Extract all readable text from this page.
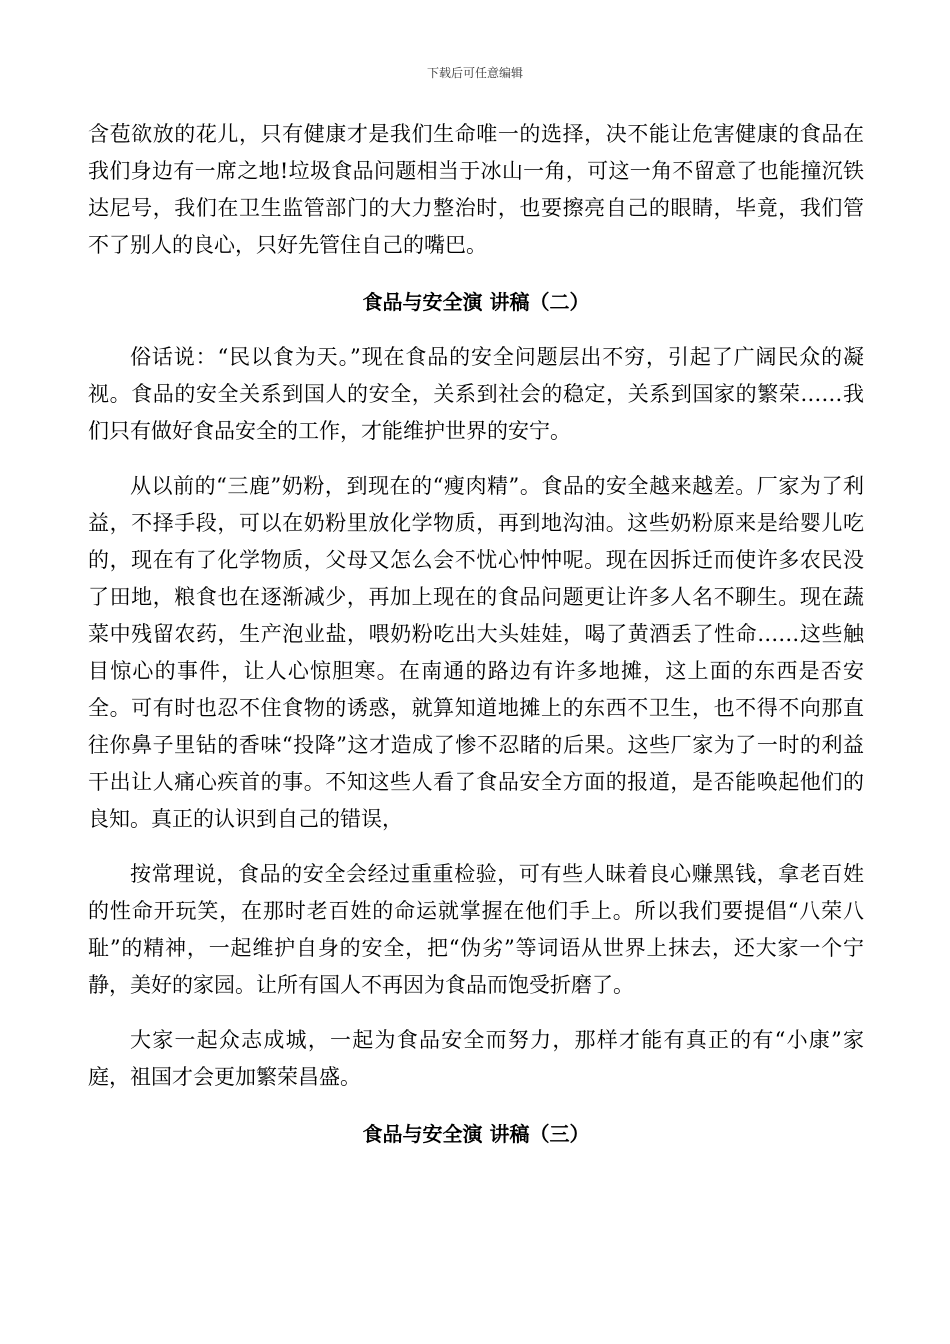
下载后可任意编辑

含苞欲放的花儿，只有健康才是我们生命唯一的选择，决不能让危害健康的食品在我们身边有一席之地!垃圾食品问题相当于冰山一角，可这一角不留意了也能撞沉铁达尼号，我们在卫生监管部门的大力整治时，也要擦亮自己的眼睛，毕竟，我们管不了别人的良心，只好先管住自己的嘴巴。

食品与安全演 讲稿（二）

俗话说：“民以食为天。”现在食品的安全问题层出不穷，引起了广阔民众的凝视。食品的安全关系到国人的安全，关系到社会的稳定，关系到国家的繁荣……我们只有做好食品安全的工作，才能维护世界的安宁。

从以前的“三鹿”奶粉，到现在的“瘦肉精”。食品的安全越来越差。厂家为了利益，不择手段，可以在奶粉里放化学物质，再到地沟油。这些奶粉原来是给婴儿吃的，现在有了化学物质，父母又怎么会不忧心忡忡呢。现在因拆迁而使许多农民没了田地，粮食也在逐渐减少，再加上现在的食品问题更让许多人名不聊生。现在蔬菜中残留农药，生产泡业盐，喂奶粉吃出大头娃娃，喝了黄酒丢了性命……这些触目惊心的事件，让人心惊胆寒。在南通的路边有许多地摊，这上面的东西是否安全。可有时也忍不住食物的诱惑，就算知道地摊上的东西不卫生，也不得不向那直往你鼻子里钻的香味“投降”这才造成了惨不忍睹的后果。这些厂家为了一时的利益干出让人痛心疾首的事。不知这些人看了食品安全方面的报道，是否能唤起他们的良知。真正的认识到自己的错误，

按常理说，食品的安全会经过重重检验，可有些人昧着良心赚黑钱，拿老百姓的性命开玩笑，在那时老百姓的命运就掌握在他们手上。所以我们要提倡“八荣八耻”的精神，一起维护自身的安全，把“伪劣”等词语从世界上抹去，还大家一个宁静，美好的家园。让所有国人不再因为食品而饱受折磨了。

大家一起众志成城，一起为食品安全而努力，那样才能有真正的有“小康”家庭，祖国才会更加繁荣昌盛。

食品与安全演 讲稿（三）
